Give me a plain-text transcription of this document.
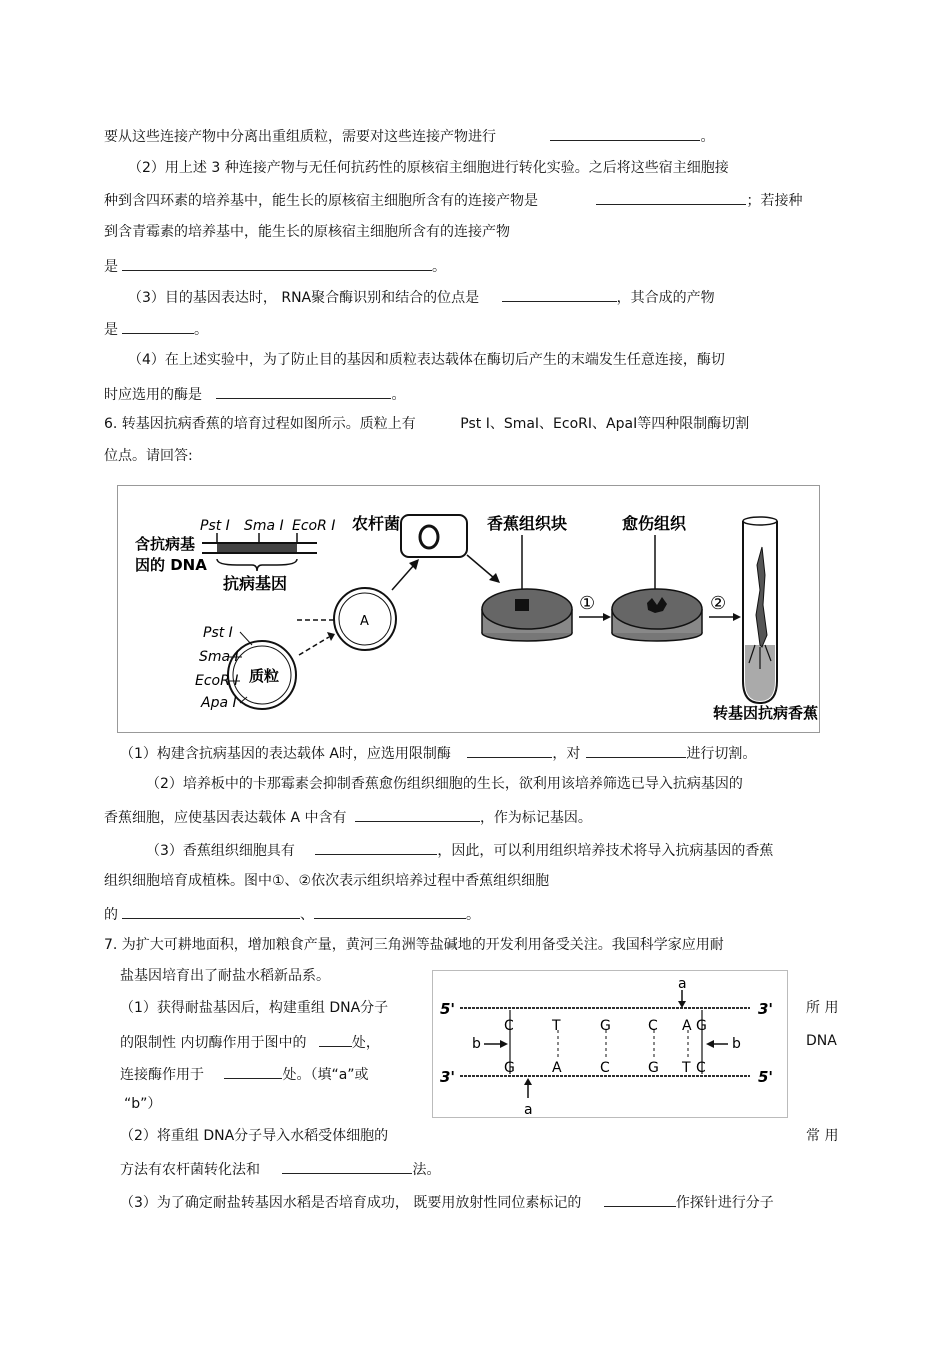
要从这些连接产物中分离出重组质粒，需要对这些连接产物进行	。
（2）用上述 3 种连接产物与无任何抗药性的原核宿主细胞进行转化实验。之后将这些宿主细胞接
种到含四环素的培养基中，能生长的原核宿主细胞所含有的连接产物是	；若接种
到含青霉素的培养基中，能生长的原核宿主细胞所含有的连接产物
是	。
（3）目的基因表达时， RNA聚合酶识别和结合的位点是	，其合成的产物
是	。
（4）在上述实验中，为了防止目的基因和质粒表达载体在酶切后产生的末端发生任意连接，酶切
时应选用的酶是	。
6. 转基因抗病香蕉的培育过程如图所示。质粒上有	Pst Ⅰ、SmaⅠ、EcoRⅠ、ApaⅠ等四种限制酶切割
位点。请回答:
含抗病基
因的 DNA
Pst I Sma I EcoR I
抗病基因
A
质粒
Pst I
Sma I
EcoR I
Apa I
农杆菌	香蕉组织块
①
愈伤组织
②
转基因抗病香蕉
（1）构建含抗病基因的表达载体 A时，应选用限制酶	，对	进行切割。
（2）培养板中的卡那霉素会抑制香蕉愈伤组织细胞的生长，欲利用该培养筛选已导入抗病基因的
香蕉细胞，应使基因表达载体 A 中含有	，作为标记基因。
（3）香蕉组织细胞具有	，因此，可以利用组织培养技术将导入抗病基因的香蕉
组织细胞培育成植株。图中①、②依次表示组织培养过程中香蕉组织细胞
的	、	。
7. 为扩大可耕地面积，增加粮食产量，黄河三角洲等盐碱地的开发利用备受关注。我国科学家应用耐
盐基因培育出了耐盐水稻新品系。
（1）获得耐盐基因后，构建重组 DNA分子	所 用
的限制性 内切酶作用于图中的	处，	DNA
连接酶作用于	处。（填“a”或
“b”）
5'	3'
3'	5'
C	T	G	C A G
G	A	C	G T C
a
a
b	b
（2）将重组 DNA分子导入水稻受体细胞的	常 用
方法有农杆菌转化法和	法。
（3）为了确定耐盐转基因水稻是否培育成功， 既要用放射性同位素标记的	作探针进行分子
